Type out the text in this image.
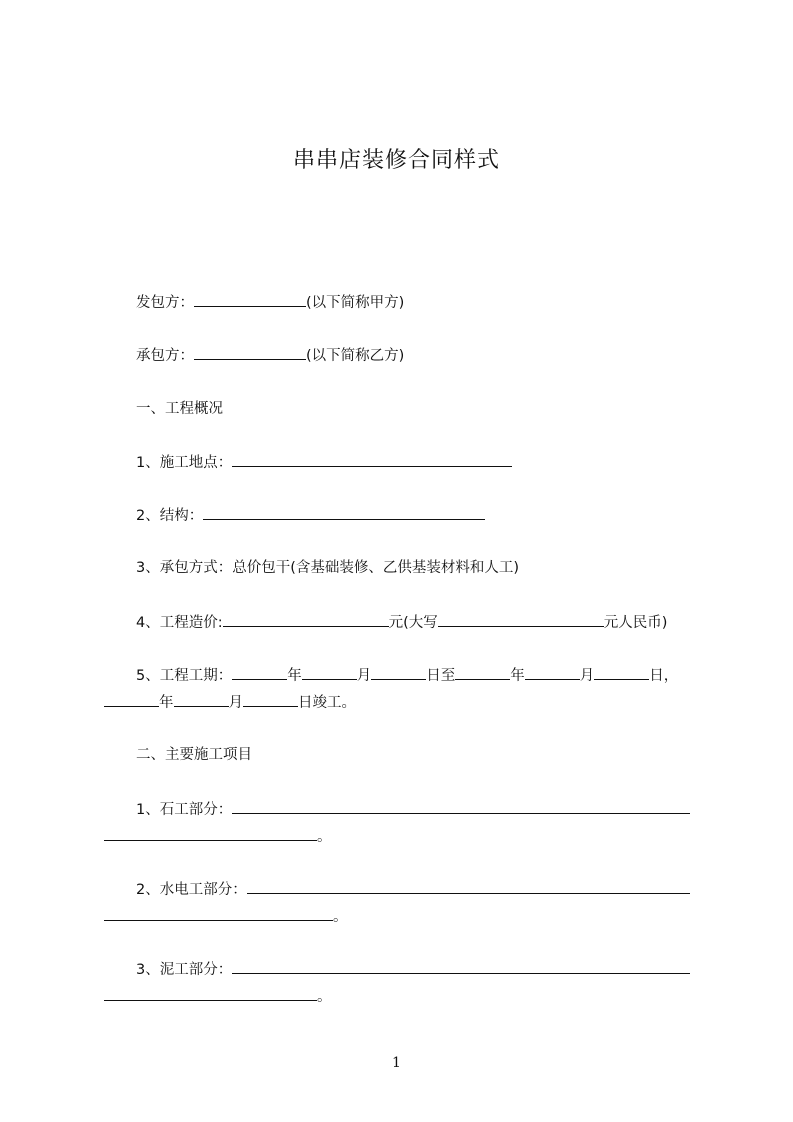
串串店装修合同样式
发包方：	(以下简称甲方)
承包方：	(以下简称乙方)
一、工程概况
1、施工地点：
2、结构：
3、承包方式：总价包干(含基础装修、乙供基装材料和人工)
4、工程造价:	元(大写	元人民币)
5、工程工期：	年	月	日至	年	月	日，
年	月	日竣工。
二、主要施工项目
1、石工部分：
。
2、水电工部分：
。
3、泥工部分：
。
1
